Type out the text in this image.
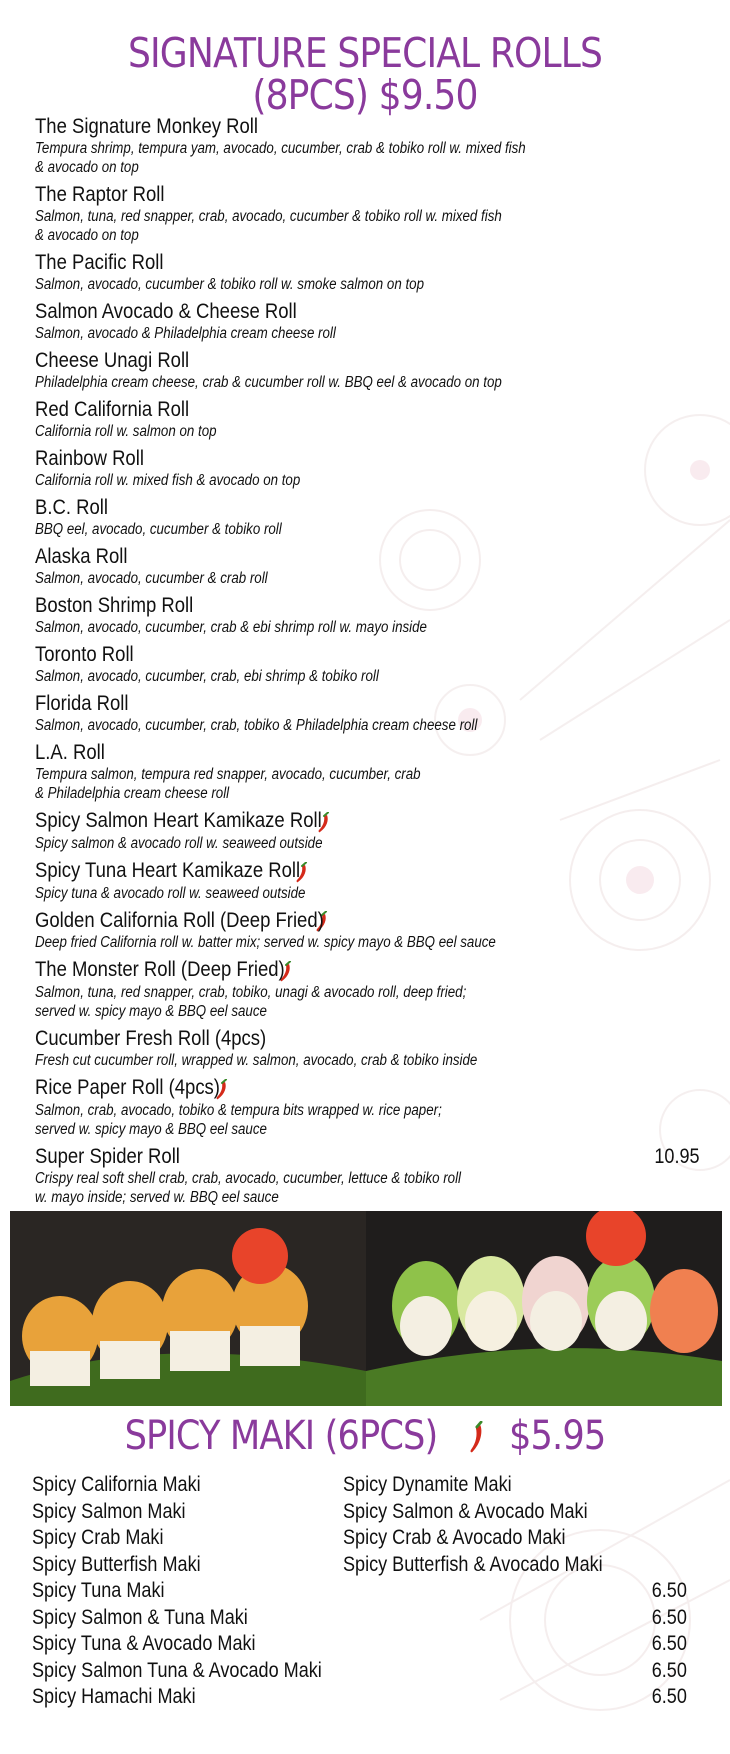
SIGNATURE SPECIAL ROLLS
(8PCS) $9.50
The Signature Monkey Roll
Tempura shrimp, tempura yam, avocado, cucumber, crab & tobiko roll w. mixed fish
& avocado on top
The Raptor Roll
Salmon, tuna, red snapper, crab, avocado, cucumber & tobiko roll w. mixed fish
& avocado on top
The Pacific Roll
Salmon, avocado, cucumber & tobiko roll w. smoke salmon on top
Salmon Avocado & Cheese Roll
Salmon, avocado & Philadelphia cream cheese roll
Cheese Unagi Roll
Philadelphia cream cheese, crab & cucumber roll w. BBQ eel & avocado on top
Red California Roll
California roll w. salmon on top
Rainbow Roll
California roll w. mixed fish & avocado on top
B.C. Roll
BBQ eel, avocado, cucumber & tobiko roll
Alaska Roll
Salmon, avocado, cucumber & crab roll
Boston Shrimp Roll
Salmon, avocado, cucumber, crab & ebi shrimp roll w. mayo inside
Toronto Roll
Salmon, avocado, cucumber, crab, ebi shrimp & tobiko roll
Florida Roll
Salmon, avocado, cucumber, crab, tobiko & Philadelphia cream cheese roll
L.A. Roll
Tempura salmon, tempura red snapper, avocado, cucumber, crab
& Philadelphia cream cheese roll
Spicy Salmon Heart Kamikaze Roll
Spicy salmon & avocado roll w. seaweed outside
Spicy Tuna Heart Kamikaze Roll
Spicy tuna & avocado roll w. seaweed outside
Golden California Roll (Deep Fried)
Deep fried California roll w. batter mix; served w. spicy mayo & BBQ eel sauce
The Monster Roll (Deep Fried)
Salmon, tuna, red snapper, crab, tobiko, unagi & avocado roll, deep fried;
served w. spicy mayo & BBQ eel sauce
Cucumber Fresh Roll (4pcs)
Fresh cut cucumber roll, wrapped w. salmon, avocado, crab & tobiko inside
Rice Paper Roll (4pcs)
Salmon, crab, avocado, tobiko & tempura bits wrapped w. rice paper;
served w. spicy mayo & BBQ eel sauce
Super Spider Roll	10.95
Crispy real soft shell crab, crab, avocado, cucumber, lettuce & tobiko roll
w. mayo inside; served w. BBQ eel sauce
SPICY MAKI (6PCS) $5.95
Spicy California Maki
Spicy Salmon Maki
Spicy Crab Maki
Spicy Butterfish Maki
Spicy Dynamite Maki
Spicy Salmon & Avocado Maki
Spicy Crab & Avocado Maki
Spicy Butterfish & Avocado Maki
Spicy Tuna Maki	6.50
Spicy Salmon & Tuna Maki	6.50
Spicy Tuna & Avocado Maki	6.50
Spicy Salmon Tuna & Avocado Maki	6.50
Spicy Hamachi Maki	6.50
